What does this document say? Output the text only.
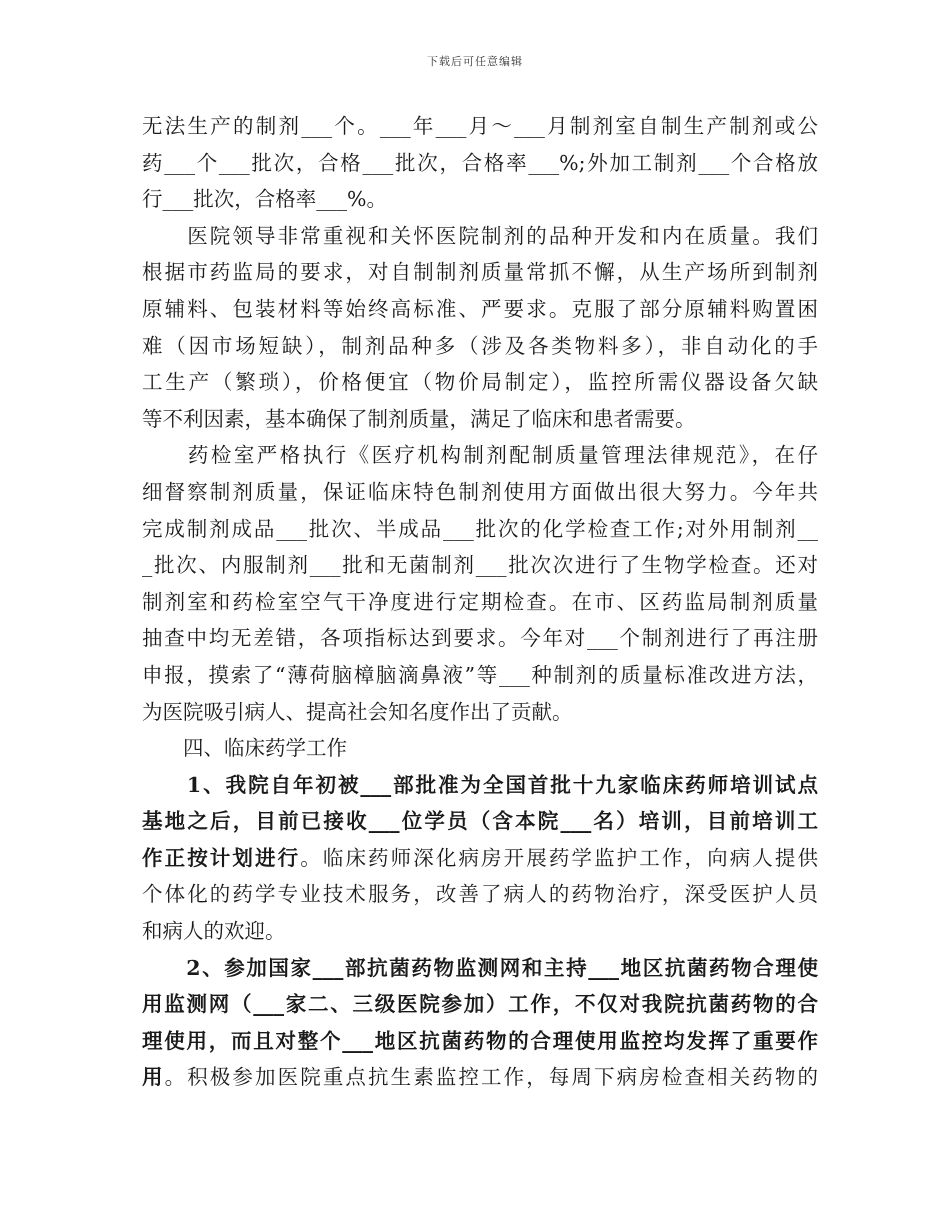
下载后可任意编辑
无法生产的制剂___个。___年___月～___月制剂室自制生产制剂或公
药___个___批次，合格___批次，合格率___%;外加工制剂___个合格放
行___批次，合格率___%。
　　医院领导非常重视和关怀医院制剂的品种开发和内在质量。我们
根据市药监局的要求，对自制制剂质量常抓不懈，从生产场所到制剂
原辅料、包装材料等始终高标准、严要求。克服了部分原辅料购置困
难（因市场短缺），制剂品种多（涉及各类物料多），非自动化的手
工生产（繁琐），价格便宜（物价局制定），监控所需仪器设备欠缺
等不利因素，基本确保了制剂质量，满足了临床和患者需要。
　　药检室严格执行《医疗机构制剂配制质量管理法律规范》，在仔
细督察制剂质量，保证临床特色制剂使用方面做出很大努力。今年共
完成制剂成品___批次、半成品___批次的化学检查工作;对外用制剂__
_批次、内服制剂___批和无菌制剂___批次次进行了生物学检查。还对
制剂室和药检室空气干净度进行定期检查。在市、区药监局制剂质量
抽查中均无差错，各项指标达到要求。今年对___个制剂进行了再注册
申报，摸索了“薄荷脑樟脑滴鼻液”等___种制剂的质量标准改进方法，
为医院吸引病人、提高社会知名度作出了贡献。
　　四、临床药学工作
　　1、我院自年初被___部批准为全国首批十九家临床药师培训试点
基地之后，目前已接收___位学员（含本院___名）培训，目前培训工
作正按计划进行。临床药师深化病房开展药学监护工作，向病人提供
个体化的药学专业技术服务，改善了病人的药物治疗，深受医护人员
和病人的欢迎。
　　2、参加国家___部抗菌药物监测网和主持___地区抗菌药物合理使
用监测网（___家二、三级医院参加）工作，不仅对我院抗菌药物的合
理使用，而且对整个___地区抗菌药物的合理使用监控均发挥了重要作
用。积极参加医院重点抗生素监控工作，每周下病房检查相关药物的
